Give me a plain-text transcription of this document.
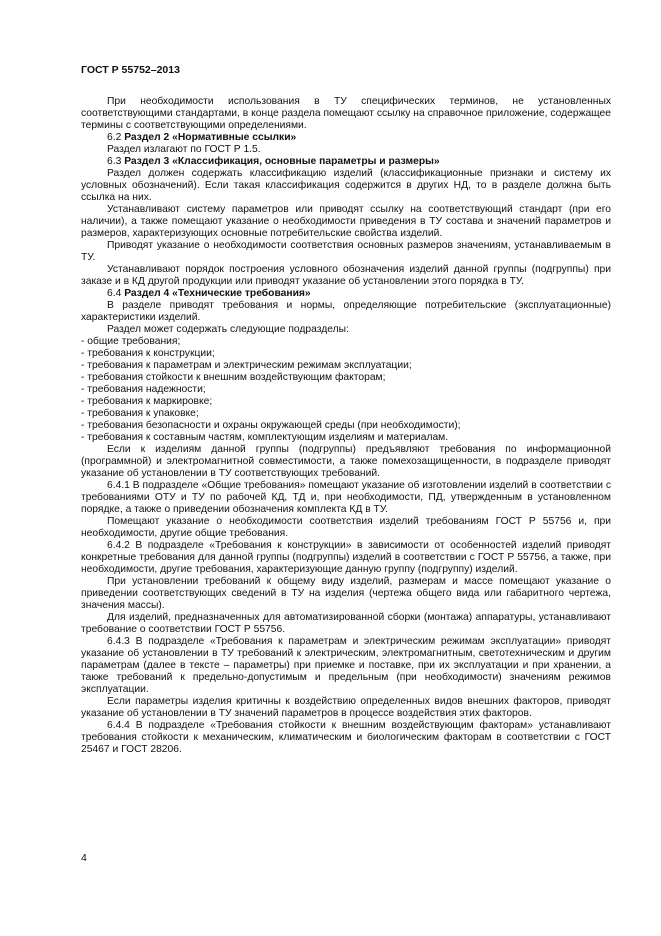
ГОСТ Р 55752–2013

При необходимости использования в ТУ специфических терминов, не установленных соответствующими стандартами, в конце раздела помещают ссылку на справочное приложение, содержащее термины с соответствующими определениями.

6.2 Раздел 2 «Нормативные ссылки»

Раздел излагают по ГОСТ Р 1.5.

6.3 Раздел 3 «Классификация, основные параметры и размеры»

Раздел должен содержать классификацию изделий (классификационные признаки и систему их условных обозначений). Если такая классификация содержится в других НД, то в разделе должна быть ссылка на них.

Устанавливают систему параметров или приводят ссылку на соответствующий стандарт (при его наличии), а также помещают указание о необходимости приведения в ТУ состава и значений параметров и размеров, характеризующих основные потребительские свойства изделий.

Приводят указание о необходимости соответствия основных размеров значениям, устанавливаемым в ТУ.

Устанавливают порядок построения условного обозначения изделий данной группы (подгруппы) при заказе и в КД другой продукции или приводят указание об установлении этого порядка в ТУ.

6.4 Раздел 4 «Технические требования»

В разделе приводят требования и нормы, определяющие потребительские (эксплуатационные) характеристики изделий.

Раздел может содержать следующие подразделы:

- общие требования;

- требования к конструкции;

- требования к параметрам и электрическим режимам эксплуатации;

- требования стойкости к внешним воздействующим факторам;

- требования надежности;

- требования к маркировке;

- требования к упаковке;

- требования безопасности и охраны окружающей среды (при необходимости);

- требования к составным частям, комплектующим изделиям и материалам.

Если к изделиям данной группы (подгруппы) предъявляют требования по информационной (программной) и электромагнитной совместимости, а также помехозащищенности, в подразделе приводят указание об установлении в ТУ соответствующих требований.

6.4.1 В подразделе «Общие требования» помещают указание об изготовлении изделий в соответствии с требованиями ОТУ и ТУ по рабочей КД, ТД и, при необходимости, ПД, утвержденным в установленном порядке, а также о приведении обозначения комплекта КД в ТУ.

Помещают указание о необходимости соответствия изделий требованиям ГОСТ Р 55756 и, при необходимости, другие общие требования.

6.4.2 В подразделе «Требования к конструкции» в зависимости от особенностей изделий приводят конкретные требования для данной группы (подгруппы) изделий в соответствии с ГОСТ Р 55756, а также, при необходимости, другие требования, характеризующие данную группу (подгруппу) изделий.

При установлении требований к общему виду изделий, размерам и массе помещают указание о приведении соответствующих сведений в ТУ на изделия (чертежа общего вида или габаритного чертежа, значения массы).

Для изделий, предназначенных для автоматизированной сборки (монтажа) аппаратуры, устанавливают требование о соответствии ГОСТ Р 55756.

6.4.3 В подразделе «Требования к параметрам и электрическим режимам эксплуатации» приводят указание об установлении в ТУ требований к электрическим, электромагнитным, светотехническим и другим параметрам (далее в тексте – параметры) при приемке и поставке, при их эксплуатации и при хранении, а также требований к предельно-допустимым и предельным (при необходимости) значениям режимов эксплуатации.

Если параметры изделия критичны к воздействию определенных видов внешних факторов, приводят указание об установлении в ТУ значений параметров в процессе воздействия этих факторов.

6.4.4 В подразделе «Требования стойкости к внешним воздействующим факторам» устанавливают требования стойкости к механическим, климатическим и биологическим факторам в соответствии с ГОСТ 25467 и ГОСТ 28206.

4
